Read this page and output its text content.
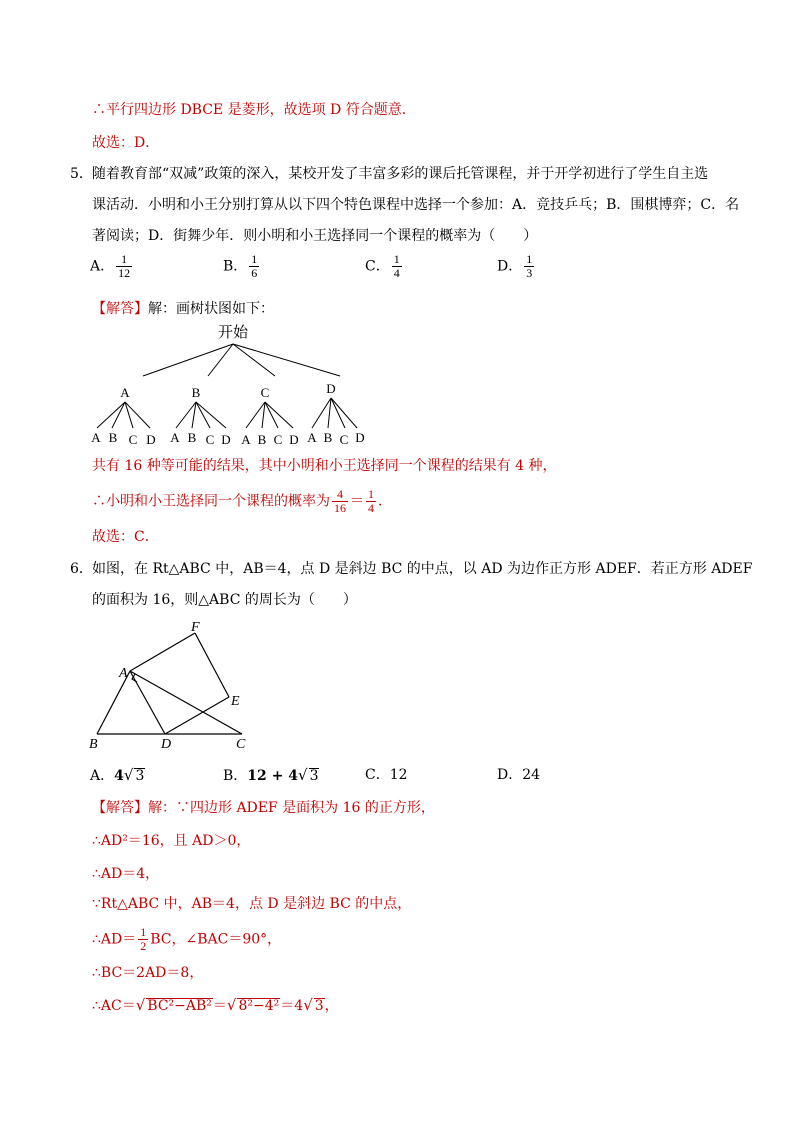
∴平行四边形 DBCE 是菱形，故选项 D 符合题意．
故选：D．
5． 随着教育部“双减”政策的深入，某校开发了丰富多彩的课后托管课程，并于开学初进行了学生自主选
课活动．小明和小王分别打算从以下四个特色课程中选择一个参加：A．竞技乒乓；B．围棋博弈；C．名
著阅读；D．街舞少年．则小明和小王选择同一个课程的概率为（　　）
A． $\frac{1}{12}$	B． $\frac{1}{6}$	C． $\frac{1}{4}$	D． $\frac{1}{3}$
【解答】解：画树状图如下：
开始
A	B	C	D
A B C D A B C D A B C D A B C D
共有 16 种等可能的结果，其中小明和小王选择同一个课程的结果有 4 种，
∴小明和小王选择同一个课程的概率为 $\frac{4}{16} = \frac{1}{4}$ ．
故选：C．
6． 如图，在 Rt△ABC 中，AB＝4，点 D 是斜边 BC 的中点，以 AD 为边作正方形 ADEF．若正方形 ADEF
的面积为 16，则△ABC 的周长为（　　）
F
A
E
B	D	C
A．4√ 3	B．12 + 4√ 3	C．12	D．24
【解答】解：∵四边形 ADEF 是面积为 16 的正方形，
∴AD²＝16，且 AD＞0，
∴AD＝4，
∵Rt△ABC 中，AB＝4，点 D 是斜边 BC 的中点，
∴AD＝ $\frac{1}{2}$ BC，∠BAC＝90°，
∴BC＝2AD＝8，
∴AC＝√ BC²−AB²＝√ 8²−4²＝4√ 3，
